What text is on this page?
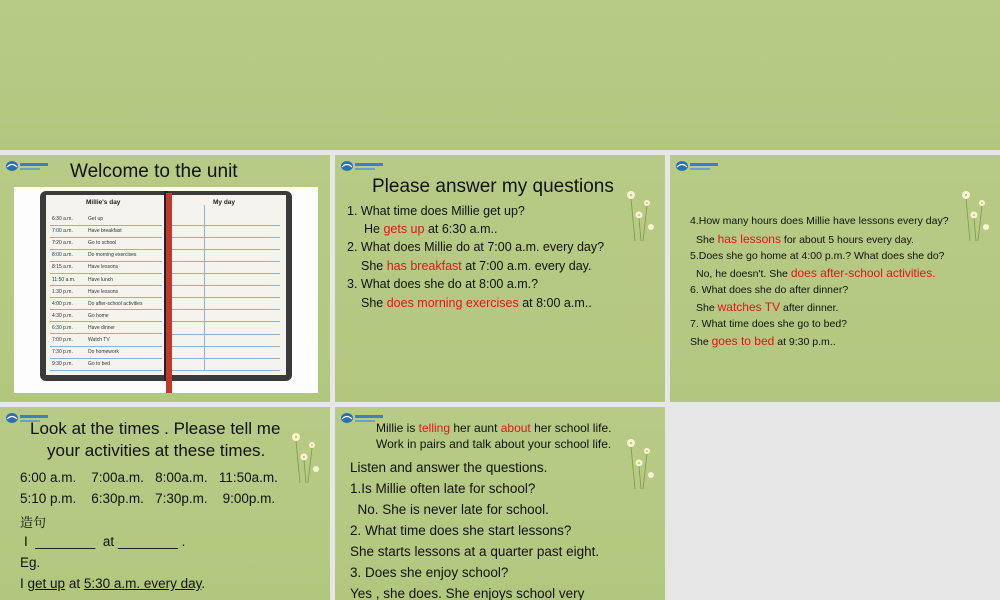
Welcome to the unit
Millie's day
6:30 a.m.	Get up
7:00 a.m.	Have breakfast
7:20 a.m.	Go to school
8:00 a.m.	Do morning exercises
8:15 a.m.	Have lessons
11:50 a.m.	Have lunch
1:30 p.m.	Have lessons
4:00 p.m.	Do after-school activities
4:30 p.m.	Go home
6:30 p.m.	Have dinner
7:00 p.m.	Watch TV
7:30 p.m.	Do homework
9:30 p.m.	Go to bed
My day
Please answer my questions
1. What time does Millie get up?
He gets up at 6:30 a.m..
2. What does Millie do at 7:00 a.m. every day?
She has breakfast at 7:00 a.m. every day.
3. What does she do at 8:00 a.m.?
She does morning exercises at 8:00 a.m..
4.How many hours does Millie have lessons every day?
She has lessons for about 5 hours every day.
5.Does she go home at 4:00 p.m.? What does she do?
No, he doesn't. She does after-school activities.
6. What does she do after dinner?
She watches TV after dinner.
7. What time does she go to bed?
She goes to bed at 9:30 p.m..
Look at the times . Please tell me
your activities at these times.
6:00 a.m.    7:00a.m.   8:00a.m.   11:50a.m.
5:10 p.m.    6:30p.m.   7:30p.m.    9:00p.m.
造句
I  ________  at ________ .
Eg.
I get up at 5:30 a.m. every day.
Millie is telling her aunt about her school life.
Work in pairs and talk about your school life.
Listen and answer the questions.
1.Is Millie often late for school?
No. She is never late for school.
2. What time does she start lessons?
She starts lessons at a quarter past eight.
3. Does she enjoy school?
Yes , she does. She enjoys school very
